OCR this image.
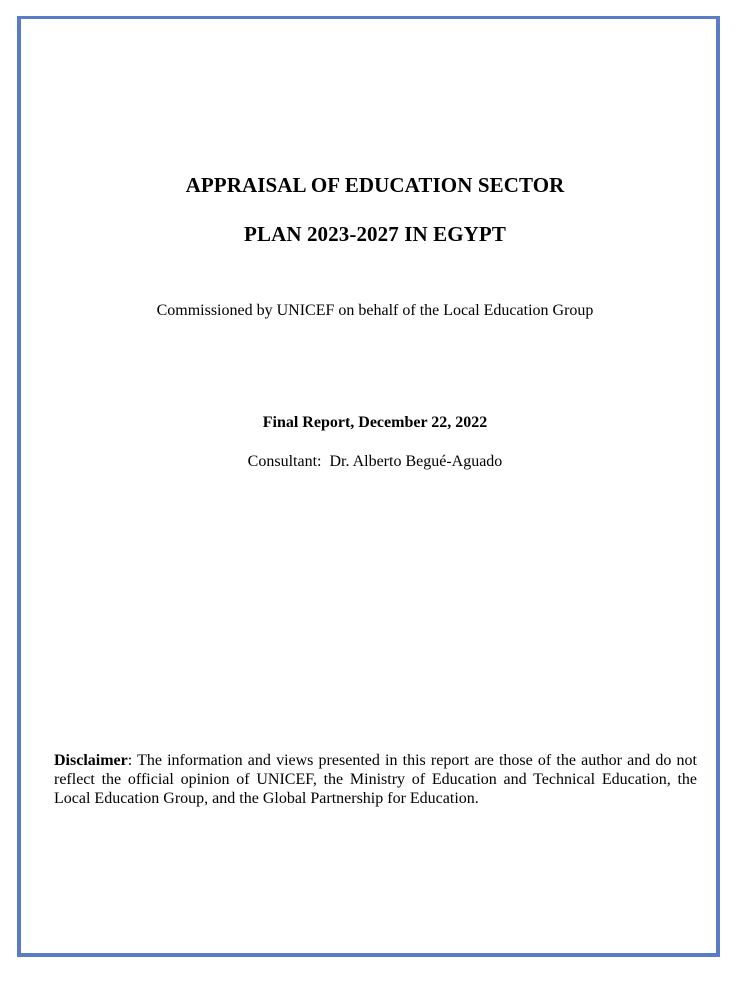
APPRAISAL OF EDUCATION SECTOR
PLAN 2023-2027 IN EGYPT
Commissioned by UNICEF on behalf of the Local Education Group
Final Report, December 22, 2022
Consultant:  Dr. Alberto Begué-Aguado
Disclaimer: The information and views presented in this report are those of the author and do not reflect the official opinion of UNICEF, the Ministry of Education and Technical Education, the Local Education Group, and the Global Partnership for Education.
